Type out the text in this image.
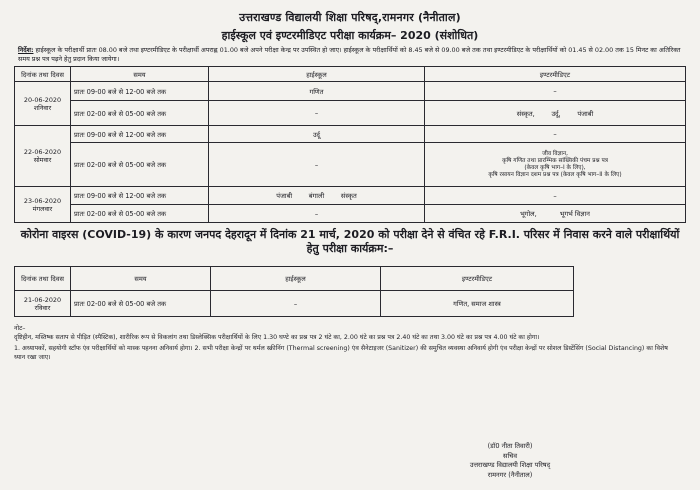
उत्तराखण्ड विद्यालयी शिक्षा परिषद्,रामनगर (नैनीताल)
हाईस्कूल एवं इण्टरमीडिएट परीक्षा कार्यक्रम– 2020 (संशोधित)
निर्देश: हाईस्कूल के परीक्षार्थी प्रातः 08.00 बजे तथा इण्टरमीडिएट के परीक्षार्थी अपराह्न 01.00 बजे अपने परीक्षा केन्द्र पर उपस्थित हो जाए। हाईस्कूल के परीक्षार्थियों को 8.45 बजे से 09.00 बजे तक तथा इण्टरमीडिएट के परीक्षार्थियों को 01.45 से 02.00 तक 15 मिनट का अतिरिक्त समय प्रश्न पत्र पढ़ने हेतु प्रदान किया जायेगा।
दिनांक तथा दिवस	समय	हाईस्कूल	इण्टरमीडिएट

20-06-2020
शनिवार	प्रातः 09-00 बजे से 12-00 बजे तक	गणित	–
	प्रातः 02-00 बजे से 05-00 बजे तक	–	संस्कृत,        उर्दू,        पंजाबी

22-06-2020
सोमवार	प्रातः 09-00 बजे से 12-00 बजे तक	उर्दू	–
	प्रातः 02-00 बजे से 05-00 बजे तक	–	जीव विज्ञान,
कृषि गणित तथा प्रारम्भिक सांख्यिकी पंचम प्रश्न पत्र
(केवल कृषि भाग–I के लिए),
कृषि रसायन विज्ञान दशम प्रश्न पत्र (केवल कृषि भाग–II के लिए)

23-06-2020
मंगलवार	प्रातः 09-00 बजे से 12-00 बजे तक	पंजाबी        बंगाली        संस्कृत	–
	प्रातः 02-00 बजे से 05-00 बजे तक	–	भूगोल,           भूगर्भ विज्ञान
कोरोना वाइरस (COVID-19) के कारण जनपद देहरादून में दिनांक 21 मार्च, 2020 को परीक्षा देने से वंचित रहे F.R.I. परिसर में निवास करने वाले परीक्षार्थियों हेतु परीक्षा कार्यक्रम:–
दिनांक तथा दिवस	समय	हाईस्कूल	इण्टरमीडिएट

21-06-2020
रविवार	प्रातः 02-00 बजे से 05-00 बजे तक	–	गणित, समाज शास्त्र
नोट–
दृष्टिहीन, मस्तिष्क सताप से पीड़ित (स्पैस्टिक), शारीरिक रूप से विकलांग तथा डिस्लेक्सिक परीक्षार्थियों के लिए 1.30 घण्टे का प्रश्न पत्र 2 घंटे का, 2.00 घंटे का प्रश्न पत्र 2.40 घंटे का तथा 3.00 घंटे का प्रश्न पत्र 4.00 घंटे का होगा।
1. अध्यापकों, सहयोगी स्टॉफ एंव परीक्षार्थियों को मास्क पहनना अनिवार्य होगा। 2. सभी परीक्षा केन्द्रों पर थर्मल स्क्रीनिंग (Thermal screening) एंव सैनेटाइजर (Sanitizer) की समुचित व्यवस्था अनिवार्य होगी एंव परीक्षा केन्द्रों पर सोशल डिस्टेंसिंग (Social Distancing) का विशेष ध्यान रखा जाए।
(डॉ0 नीता तिवारी)
सचिव
उत्तराखण्ड विद्यालयी शिक्षा परिषद्
रामनगर (नैनीताल)
